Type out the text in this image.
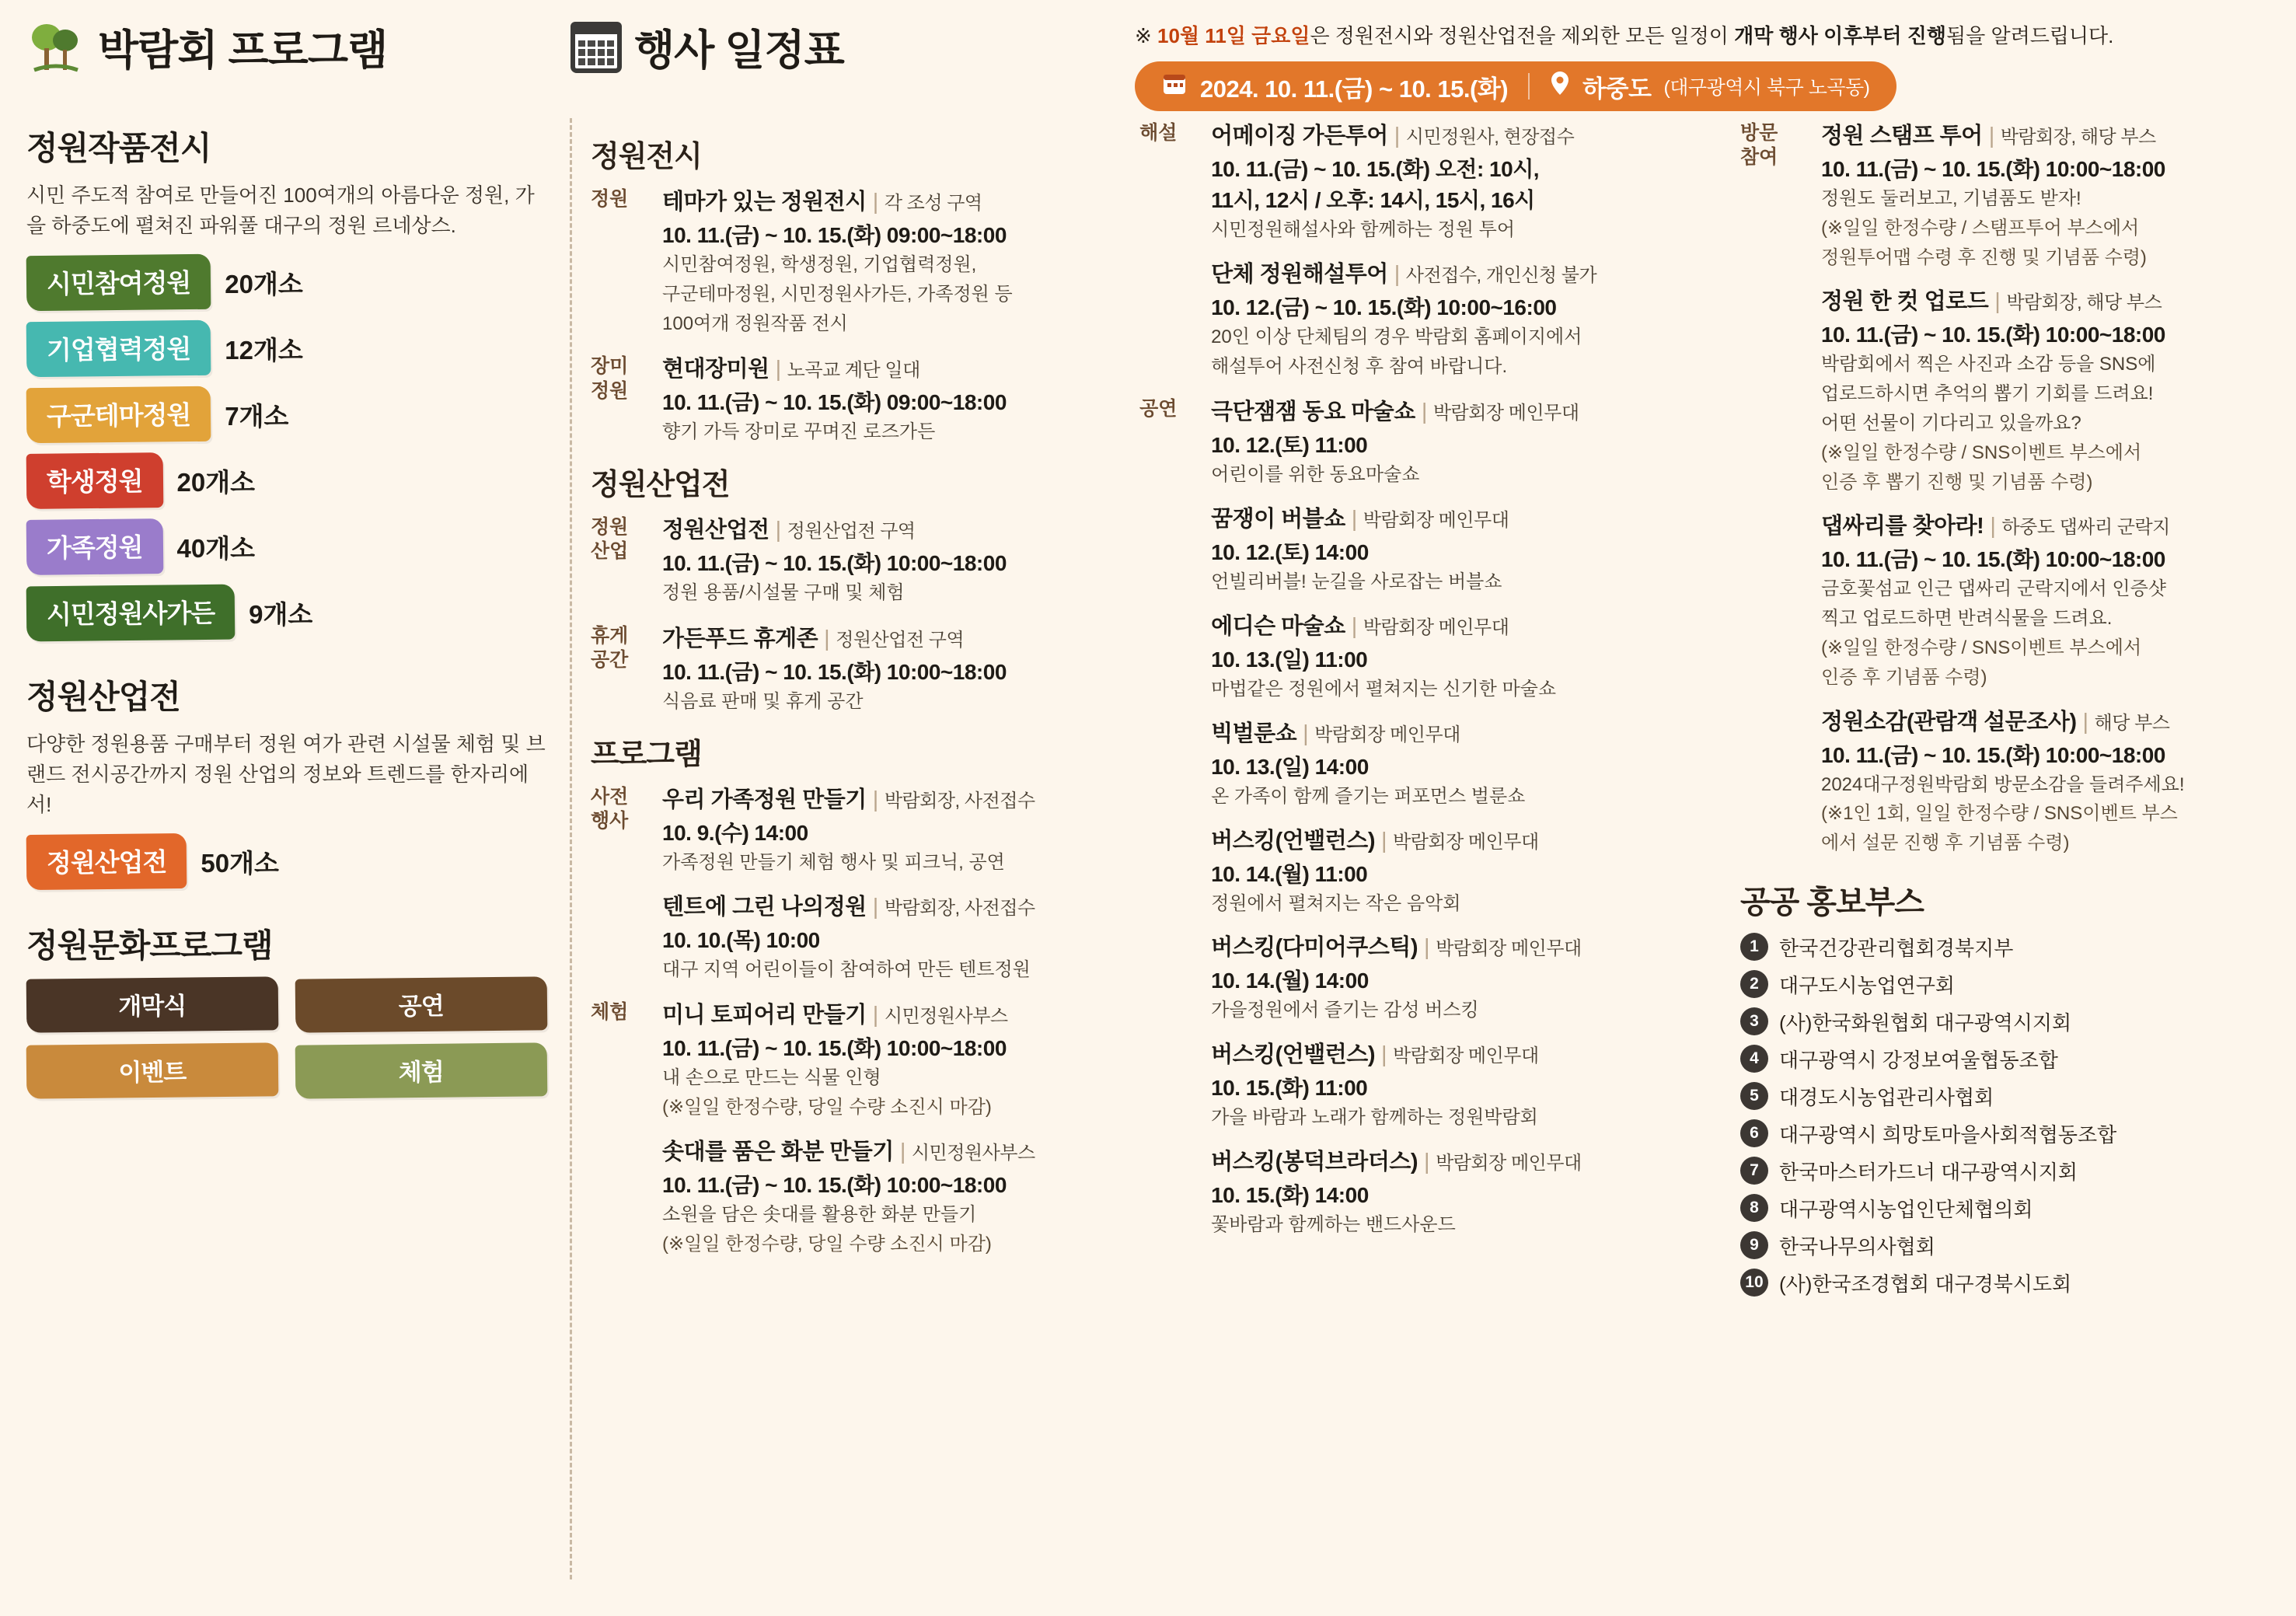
박람회 프로그램	행사 일정표	※ 10월 11일 금요일은 정원전시와 정원산업전을 제외한 모든 일정이 개막 행사 이후부터 진행됨을 알려드립니다.
2024. 10. 11.(금) ~ 10. 15.(화)	하중도 (대구광역시 북구 노곡동)
정원작품전시
시민 주도적 참여로 만들어진 100여개의 아름다운 정원, 가을 하중도에 펼쳐진 파워풀 대구의 정원 르네상스.
시민참여정원	20개소
기업협력정원	12개소
구군테마정원	7개소
학생정원	20개소
가족정원	40개소
시민정원사가든	9개소
정원산업전
다양한 정원용품 구매부터 정원 여가 관련 시설물 체험 및 브랜드 전시공간까지 정원 산업의 정보와 트렌드를 한자리에서!
정원산업전	50개소
정원문화프로그램
개막식	공연
이벤트	체험
정원전시
정원	테마가 있는 정원전시 | 각 조성 구역
10. 11.(금) ~ 10. 15.(화) 09:00~18:00
시민참여정원, 학생정원, 기업협력정원,
구군테마정원, 시민정원사가든, 가족정원 등
100여개 정원작품 전시
장미
정원
현대장미원 | 노곡교 계단 일대
10. 11.(금) ~ 10. 15.(화) 09:00~18:00
향기 가득 장미로 꾸며진 로즈가든
정원산업전
정원
산업
정원산업전 | 정원산업전 구역
10. 11.(금) ~ 10. 15.(화) 10:00~18:00
정원 용품/시설물 구매 및 체험
휴게
공간
가든푸드 휴게존 | 정원산업전 구역
10. 11.(금) ~ 10. 15.(화) 10:00~18:00
식음료 판매 및 휴게 공간
프로그램
사전
행사
우리 가족정원 만들기 | 박람회장, 사전접수
10. 9.(수) 14:00
가족정원 만들기 체험 행사 및 피크닉, 공연
텐트에 그린 나의정원 | 박람회장, 사전접수
10. 10.(목) 10:00
대구 지역 어린이들이 참여하여 만든 텐트정원
체험	미니 토피어리 만들기 | 시민정원사부스
10. 11.(금) ~ 10. 15.(화) 10:00~18:00
내 손으로 만드는 식물 인형
(※일일 한정수량, 당일 수량 소진시 마감)
솟대를 품은 화분 만들기 | 시민정원사부스
10. 11.(금) ~ 10. 15.(화) 10:00~18:00
소원을 담은 솟대를 활용한 화분 만들기
(※일일 한정수량, 당일 수량 소진시 마감)
해설	어메이징 가든투어 | 시민정원사, 현장접수
10. 11.(금) ~ 10. 15.(화) 오전: 10시,
11시, 12시 / 오후: 14시, 15시, 16시
시민정원해설사와 함께하는 정원 투어
단체 정원해설투어 | 사전접수, 개인신청 불가
10. 12.(금) ~ 10. 15.(화) 10:00~16:00
20인 이상 단체팀의 경우 박람회 홈페이지에서
해설투어 사전신청 후 참여 바랍니다.
공연	극단잼잼 동요 마술쇼 | 박람회장 메인무대
10. 12.(토) 11:00
어린이를 위한 동요마술쇼
꿈쟁이 버블쇼 | 박람회장 메인무대
10. 12.(토) 14:00
언빌리버블! 눈길을 사로잡는 버블쇼
에디슨 마술쇼 | 박람회장 메인무대
10. 13.(일) 11:00
마법같은 정원에서 펼쳐지는 신기한 마술쇼
빅벌룬쇼 | 박람회장 메인무대
10. 13.(일) 14:00
온 가족이 함께 즐기는 퍼포먼스 벌룬쇼
버스킹(언밸런스) | 박람회장 메인무대
10. 14.(월) 11:00
정원에서 펼쳐지는 작은 음악회
버스킹(다미어쿠스틱) | 박람회장 메인무대
10. 14.(월) 14:00
가을정원에서 즐기는 감성 버스킹
버스킹(언밸런스) | 박람회장 메인무대
10. 15.(화) 11:00
가을 바람과 노래가 함께하는 정원박람회
버스킹(봉덕브라더스) | 박람회장 메인무대
10. 15.(화) 14:00
꽃바람과 함께하는 밴드사운드
방문
참여
정원 스탬프 투어 | 박람회장, 해당 부스
10. 11.(금) ~ 10. 15.(화) 10:00~18:00
정원도 둘러보고, 기념품도 받자!
(※일일 한정수량 / 스탬프투어 부스에서
정원투어맵 수령 후 진행 및 기념품 수령)
정원 한 컷 업로드 | 박람회장, 해당 부스
10. 11.(금) ~ 10. 15.(화) 10:00~18:00
박람회에서 찍은 사진과 소감 등을 SNS에
업로드하시면 추억의 뽑기 기회를 드려요!
어떤 선물이 기다리고 있을까요?
(※일일 한정수량 / SNS이벤트 부스에서
인증 후 뽑기 진행 및 기념품 수령)
댑싸리를 찾아라! | 하중도 댑싸리 군락지
10. 11.(금) ~ 10. 15.(화) 10:00~18:00
금호꽃섬교 인근 댑싸리 군락지에서 인증샷
찍고 업로드하면 반려식물을 드려요.
(※일일 한정수량 / SNS이벤트 부스에서
인증 후 기념품 수령)
정원소감(관람객 설문조사) | 해당 부스
10. 11.(금) ~ 10. 15.(화) 10:00~18:00
2024대구정원박람회 방문소감을 들려주세요!
(※1인 1회, 일일 한정수량 / SNS이벤트 부스
에서 설문 진행 후 기념품 수령)
공공 홍보부스
1	한국건강관리협회경북지부
2	대구도시농업연구회
3	(사)한국화원협회 대구광역시지회
4	대구광역시 강정보여울협동조합
5	대경도시농업관리사협회
6	대구광역시 희망토마을사회적협동조합
7	한국마스터가드너 대구광역시지회
8	대구광역시농업인단체협의회
9	한국나무의사협회
10 (사)한국조경협회 대구경북시도회
